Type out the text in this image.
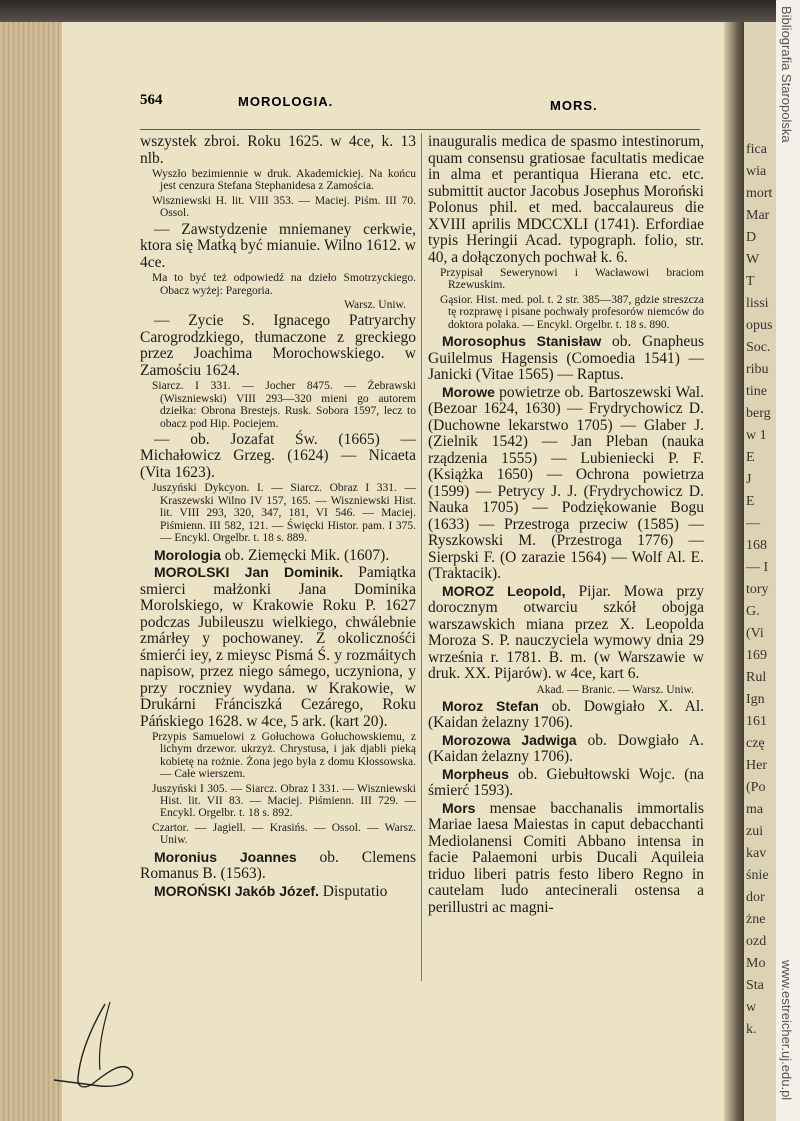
fica
wia
mort
Mar
D
W
T
lissi
opus
Soc.
ribu
tine
berg
w 1
E
J
E
—
168
— I
tory
G.
(Vi
169
Rul
Ign
161
czę
Her
(Po
ma
zui
kav
śnie
dor
żne
ozd
Mo
Sta
w
k.
Bibliografia Staropolska
www.estreicher.uj.edu.pl
564	MOROLOGIA.	MORS.

wszystek zbroi. Roku 1625. w 4ce, k. 13 nlb.

Wyszło bezimiennie w druk. Akademickiej. Na końcu jest cenzura Stefana Stephanidesa z Zamościa.

Wiszniewski H. lit. VIII 353. — Maciej. Piśm. III 70. Ossol.

— Zawstydzenie mniemaney cerkwie, ktora się Matką być mianuie. Wilno 1612. w 4ce.

Ma to być też odpowiedź na dzieło Smotrzyckiego. Obacz wyżej: Paregoria.

Warsz. Uniw.

— Zycie S. Ignacego Patryarchy Carogrodzkiego, tłumaczone z greckiego przez Joachima Morochowskiego. w Zamościu 1624.

Siarcz. I 331. — Jocher 8475. — Żebrawski (Wiszniewski) VIII 293—320 mieni go autorem dziełka: Obrona Brestejs. Rusk. Sobora 1597, lecz to obacz pod Hip. Pociejem.

— ob. Jozafat Św. (1665) — Michałowicz Grzeg. (1624) — Nicaeta (Vita 1623).

Juszyński Dykcyon. I. — Siarcz. Obraz I 331. — Kraszewski Wilno IV 157, 165. — Wiszniewski Hist. lit. VIII 293, 320, 347, 181, VI 546. — Maciej. Piśmienn. III 582, 121. — Święcki Histor. pam. I 375. — Encykl. Orgelbr. t. 18 s. 889.

Morologia ob. Ziemęcki Mik. (1607).

MOROLSKI Jan Dominik. Pamiątka smierci małżonki Jana Dominika Morolskiego, w Krakowie Roku P. 1627 podczas Jubileuszu wielkiego, chwálebnie zmárłey y pochowaney. Z okolicznośći śmierći iey, z mieysc Pismá Ś. y rozmáitych napisow, przez niego sámego, uczyniona, y przy roczniey wydana. w Krakowie, w Drukárni Fránciszká Cezárego, Roku Páńskiego 1628. w 4ce, 5 ark. (kart 20).

Przypis Samuelowi z Gołuchowa Gołuchowskiemu, z lichym drzewor. ukrzyż. Chrystusa, i jak djabli pieką kobietę na rożnie. Żona jego była z domu Kłossowska. — Całe wierszem.

Juszyński I 305. — Siarcz. Obraz I 331. — Wiszniewski Hist. lit. VII 83. — Maciej. Piśmienn. III 729. — Encykl. Orgelbr. t. 18 s. 892.

Czartor. — Jagiell. — Krasińs. — Ossol. — Warsz. Uniw.

Moronius Joannes ob. Clemens Romanus B. (1563).

MOROŃSKI Jakób Józef. Disputatio

inauguralis medica de spasmo intestinorum, quam consensu gratiosae facultatis medicae in alma et perantiqua Hierana etc. etc. submittit auctor Jacobus Josephus Moroński Polonus phil. et med. baccalaureus die XVIII aprilis MDCCXLI (1741). Erfordiae typis Heringii Acad. typograph. folio, str. 40, a dołączonych pochwał k. 6.

Przypisał Sewerynowi i Wacławowi braciom Rzewuskim.

Gąsior. Hist. med. pol. t. 2 str. 385—387, gdzie streszcza tę rozprawę i pisane pochwały profesorów niemców do doktora polaka. — Encykl. Orgelbr. t. 18 s. 890.

Morosophus Stanisław ob. Gnapheus Guilelmus Hagensis (Comoedia 1541) — Janicki (Vitae 1565) — Raptus.

Morowe powietrze ob. Bartoszewski Wal. (Bezoar 1624, 1630) — Frydrychowicz D. (Duchowne lekarstwo 1705) — Glaber J. (Zielnik 1542) — Jan Pleban (nauka rządzenia 1555) — Lubieniecki P. F. (Książka 1650) — Ochrona powietrza (1599) — Petrycy J. J. (Frydrychowicz D. Nauka 1705) — Podziękowanie Bogu (1633) — Przestroga przeciw (1585) — Ryszkowski M. (Przestroga 1776) — Sierpski F. (O zarazie 1564) — Wolf Al. E. (Traktacik).

MOROZ Leopold, Pijar. Mowa przy dorocznym otwarciu szkół obojga warszawskich miana przez X. Leopolda Moroza S. P. nauczyciela wymowy dnia 29 września r. 1781. B. m. (w Warszawie w druk. XX. Pijarów). w 4ce, kart 6.

Akad. — Branic. — Warsz. Uniw.

Moroz Stefan ob. Dowgiało X. Al. (Kaidan żelazny 1706).

Morozowa Jadwiga ob. Dowgiało A. (Kaidan żelazny 1706).

Morpheus ob. Giebułtowski Wojc. (na śmierć 1593).

Mors mensae bacchanalis immortalis Mariae laesa Maiestas in caput debacchanti Mediolanensi Comiti Abbano intensa in facie Palaemoni urbis Ducali Aquileia triduo liberi patris festo libero Regno in cautelam ludo antecinerali ostensa a perillustri ac magni-
